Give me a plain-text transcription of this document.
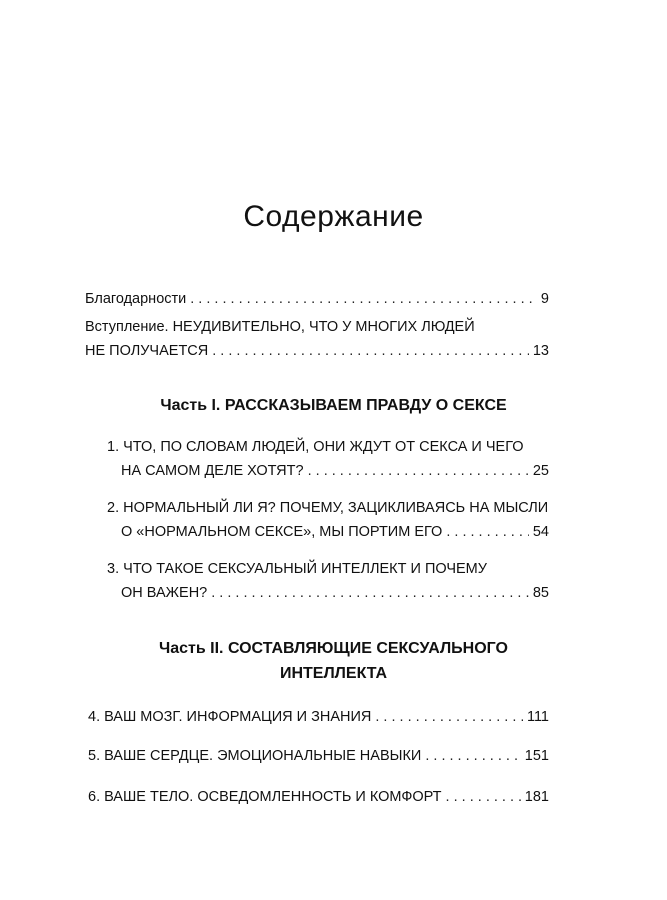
Содержание
Благодарности . . .	9
Вступление. НЕУДИВИТЕЛЬНО, ЧТО У МНОГИХ ЛЮДЕЙ
НЕ ПОЛУЧАЕТСЯ . . .	13
Часть I. РАССКАЗЫВАЕМ ПРАВДУ О СЕКСЕ
1. ЧТО, ПО СЛОВАМ ЛЮДЕЙ, ОНИ ЖДУТ ОТ СЕКСА И ЧЕГО
НА САМОМ ДЕЛЕ ХОТЯТ? . . .	25
2. НОРМАЛЬНЫЙ ЛИ Я? ПОЧЕМУ, ЗАЦИКЛИВАЯСЬ НА МЫСЛИ
О «НОРМАЛЬНОМ СЕКСЕ», МЫ ПОРТИМ ЕГО . . .	54
3. ЧТО ТАКОЕ СЕКСУАЛЬНЫЙ ИНТЕЛЛЕКТ И ПОЧЕМУ
ОН ВАЖЕН? . . .	85
Часть II. СОСТАВЛЯЮЩИЕ СЕКСУАЛЬНОГО
ИНТЕЛЛЕКТА
4. ВАШ МОЗГ. ИНФОРМАЦИЯ И ЗНАНИЯ . . .	111
5. ВАШЕ СЕРДЦЕ. ЭМОЦИОНАЛЬНЫЕ НАВЫКИ . . .	151
6. ВАШЕ ТЕЛО. ОСВЕДОМЛЕННОСТЬ И КОМФОРТ . . .	181
